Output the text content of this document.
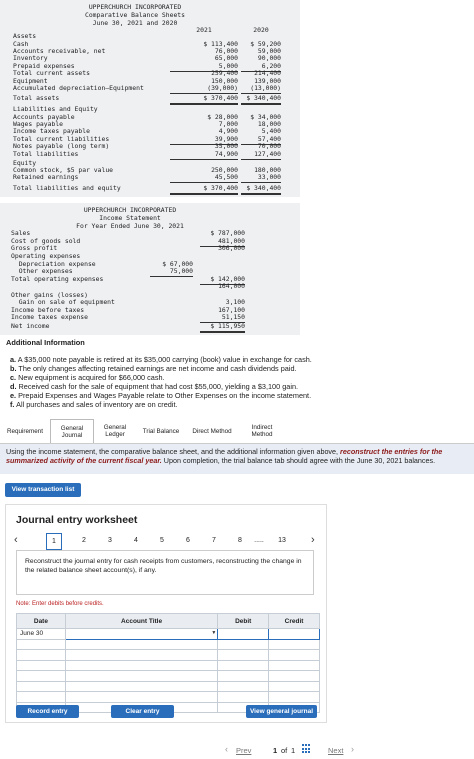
UPPERCHURCH INCORPORATED
Comparative Balance Sheets
June 30, 2021 and 2020
2021	2020
Assets
Cash	$ 113,400	$ 59,200
Accounts receivable, net	76,000	59,000
Inventory	65,000	90,000
Prepaid expenses	5,000	6,200
Total current assets	259,400	214,400
Equipment	150,000	139,000
Accumulated depreciation–Equipment	(39,000)	(13,000)
Total assets	$ 370,400	$ 340,400
Liabilities and Equity
Accounts payable	$ 28,000	$ 34,000
Wages payable	7,000	18,000
Income taxes payable	4,900	5,400
Total current liabilities	39,900	57,400
Notes payable (long term)	35,000	70,000
Total liabilities	74,900	127,400
Equity
Common stock, $5 par value	250,000	180,000
Retained earnings	45,500	33,000
Total liabilities and equity	$ 370,400	$ 340,400
UPPERCHURCH INCORPORATED
Income Statement
For Year Ended June 30, 2021
Sales	$ 787,000
Cost of goods sold	481,000
Gross profit	306,000
Operating expenses
Depreciation expense	$ 67,000
Other expenses	75,000
Total operating expenses	$ 142,000
164,000
Other gains (losses)
Gain on sale of equipment	3,100
Income before taxes	167,100
Income taxes expense	51,150
Net income	$ 115,950
Additional Information
a. A $35,000 note payable is retired at its $35,000 carrying (book) value in exchange for cash.
b. The only changes affecting retained earnings are net income and cash dividends paid.
c. New equipment is acquired for $66,000 cash.
d. Received cash for the sale of equipment that had cost $55,000, yielding a $3,100 gain.
e. Prepaid Expenses and Wages Payable relate to Other Expenses on the income statement.
f. All purchases and sales of inventory are on credit.
Requirement	General Journal
General Ledger	Trial Balance	Direct Method	Indirect Method
Using the income statement, the comparative balance sheet, and the additional information given above, reconstruct the entries for the summarized activity of the current fiscal year. Upon completion, the trial balance tab should agree with the June 30, 2021 balances.
View transaction list
Journal entry worksheet
‹	1	2	3	4	5	6	7	8	.....	13 ›
Reconstruct the journal entry for cash receipts from customers, reconstructing the change in the related balance sheet account(s), if any.
Note: Enter debits before credits.
Date	Account Title	Debit	Credit
June 30	▼		

Record entry	Clear entry	View general journal
‹ Prev	1 of 1	Next ›
